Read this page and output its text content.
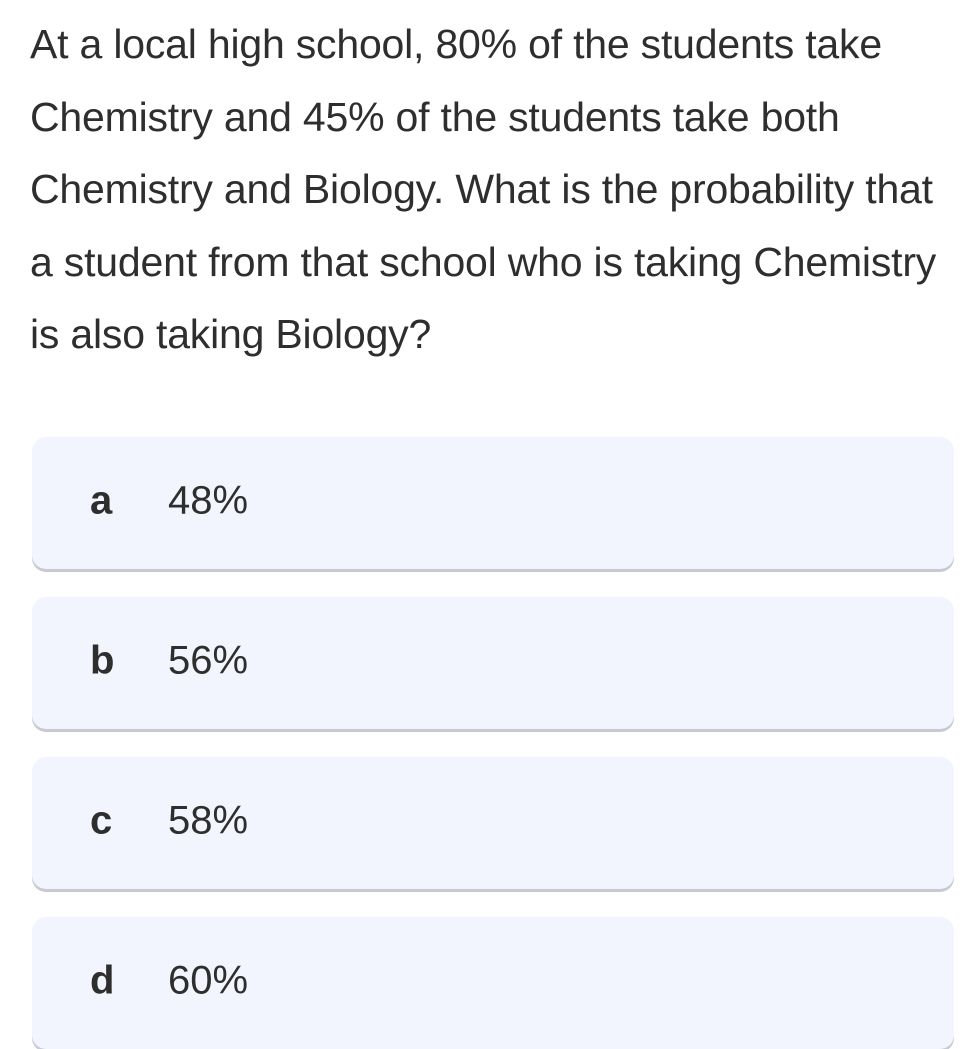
At a local high school, 80% of the students take Chemistry and 45% of the students take both Chemistry and Biology. What is the probability that a student from that school who is taking Chemistry is also taking Biology?

a 48%
b 56%
c 58%
d 60%
